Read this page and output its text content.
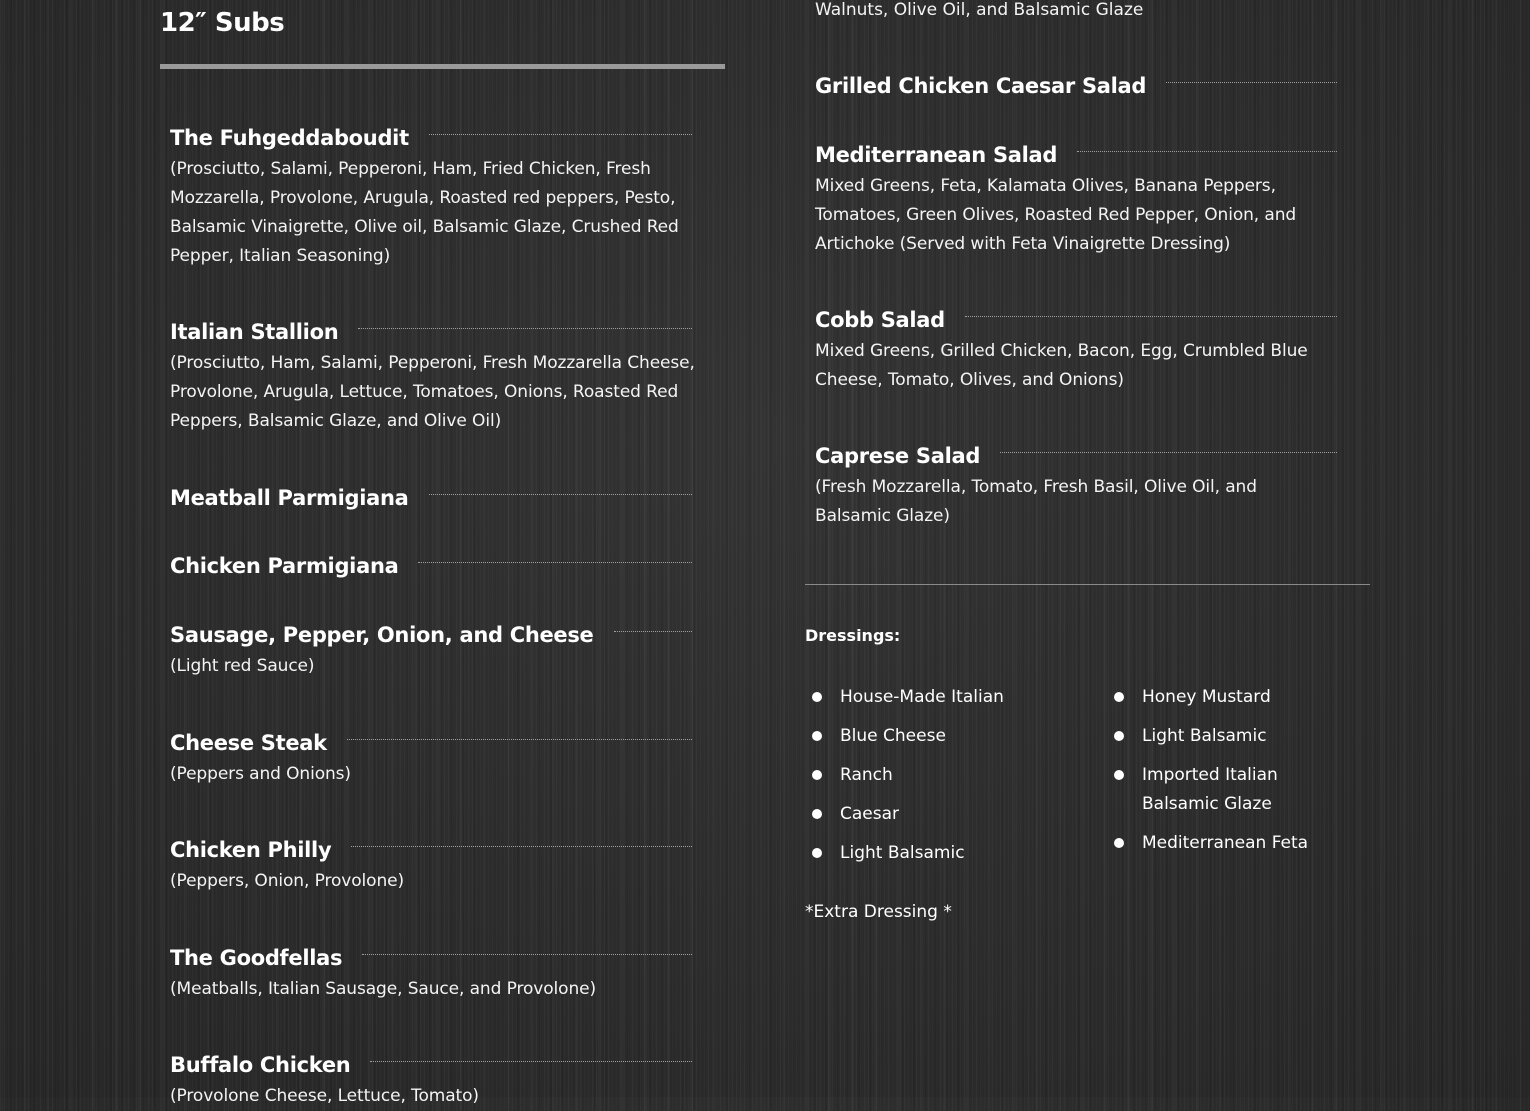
12″ Subs
The Fuhgeddaboudit
(Prosciutto, Salami, Pepperoni, Ham, Fried Chicken, Fresh Mozzarella, Provolone, Arugula, Roasted red peppers, Pesto, Balsamic Vinaigrette, Olive oil, Balsamic Glaze, Crushed Red Pepper, Italian Seasoning)
Italian Stallion
(Prosciutto, Ham, Salami, Pepperoni, Fresh Mozzarella Cheese, Provolone, Arugula, Lettuce, Tomatoes, Onions, Roasted Red Peppers, Balsamic Glaze, and Olive Oil)
Meatball Parmigiana
Chicken Parmigiana
Sausage, Pepper, Onion, and Cheese
(Light red Sauce)
Cheese Steak
(Peppers and Onions)
Chicken Philly
(Peppers, Onion, Provolone)
The Goodfellas
(Meatballs, Italian Sausage, Sauce, and Provolone)
Buffalo Chicken
(Provolone Cheese, Lettuce, Tomato)
Walnuts, Olive Oil, and Balsamic Glaze
Grilled Chicken Caesar Salad
Mediterranean Salad
Mixed Greens, Feta, Kalamata Olives, Banana Peppers, Tomatoes, Green Olives, Roasted Red Pepper, Onion, and Artichoke (Served with Feta Vinaigrette Dressing)
Cobb Salad
Mixed Greens, Grilled Chicken, Bacon, Egg, Crumbled Blue Cheese, Tomato, Olives, and Onions)
Caprese Salad
(Fresh Mozzarella, Tomato, Fresh Basil, Olive Oil, and Balsamic Glaze)
Dressings:
House-Made Italian
Blue Cheese
Ranch
Caesar
Light Balsamic
Honey Mustard
Light Balsamic
Imported Italian Balsamic Glaze
Mediterranean Feta
*Extra Dressing *
